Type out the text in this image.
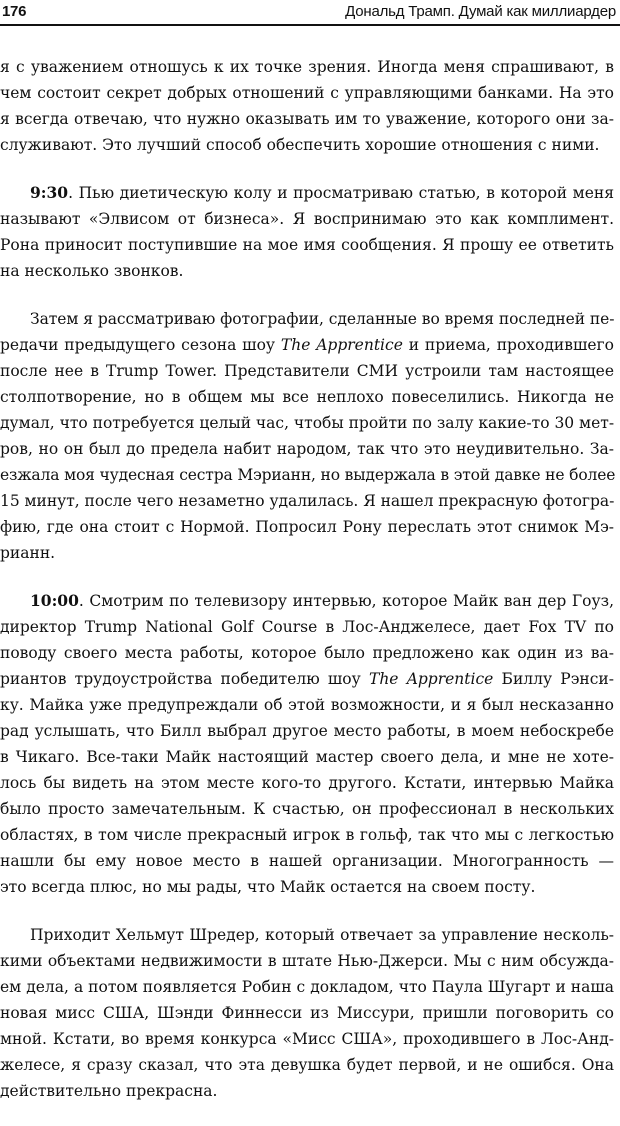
176	Дональд Трамп. Думай как миллиардер
я с уважением отношусь к их точке зрения. Иногда меня спрашивают, в
чем состоит секрет добрых отношений с управляющими банками. На это
я всегда отвечаю, что нужно оказывать им то уважение, которого они за-
служивают. Это лучший способ обеспечить хорошие отношения с ними.
9:30. Пью диетическую колу и просматриваю статью, в которой меня
называют «Элвисом от бизнеса». Я воспринимаю это как комплимент.
Рона приносит поступившие на мое имя сообщения. Я прошу ее ответить
на несколько звонков.
Затем я рассматриваю фотографии, сделанные во время последней пе-
редачи предыдущего сезона шоу The Apprentice и приема, проходившего
после нее в Trump Tower. Представители СМИ устроили там настоящее
столпотворение, но в общем мы все неплохо повеселились. Никогда не
думал, что потребуется целый час, чтобы пройти по залу какие-то 30 мет-
ров, но он был до предела набит народом, так что это неудивительно. За-
езжала моя чудесная сестра Мэрианн, но выдержала в этой давке не более
15 минут, после чего незаметно удалилась. Я нашел прекрасную фотогра-
фию, где она стоит с Нормой. Попросил Рону переслать этот снимок Мэ-
рианн.
10:00. Смотрим по телевизору интервью, которое Майк ван дер Гоуз,
директор Trump National Golf Course в Лос-Анджелесе, дает Fox TV по
поводу своего места работы, которое было предложено как один из ва-
риантов трудоустройства победителю шоу The Apprentice Биллу Рэнси-
ку. Майка уже предупреждали об этой возможности, и я был несказанно
рад услышать, что Билл выбрал другое место работы, в моем небоскребе
в Чикаго. Все-таки Майк настоящий мастер своего дела, и мне не хоте-
лось бы видеть на этом месте кого-то другого. Кстати, интервью Майка
было просто замечательным. К счастью, он профессионал в нескольких
областях, в том числе прекрасный игрок в гольф, так что мы с легкостью
нашли бы ему новое место в нашей организации. Многогранность —
это всегда плюс, но мы рады, что Майк остается на своем посту.
Приходит Хельмут Шредер, который отвечает за управление несколь-
кими объектами недвижимости в штате Нью-Джерси. Мы с ним обсужда-
ем дела, а потом появляется Робин с докладом, что Паула Шугарт и наша
новая мисс США, Шэнди Финнесси из Миссури, пришли поговорить со
мной. Кстати, во время конкурса «Мисс США», проходившего в Лос-Анд-
желесе, я сразу сказал, что эта девушка будет первой, и не ошибся. Она
действительно прекрасна.
